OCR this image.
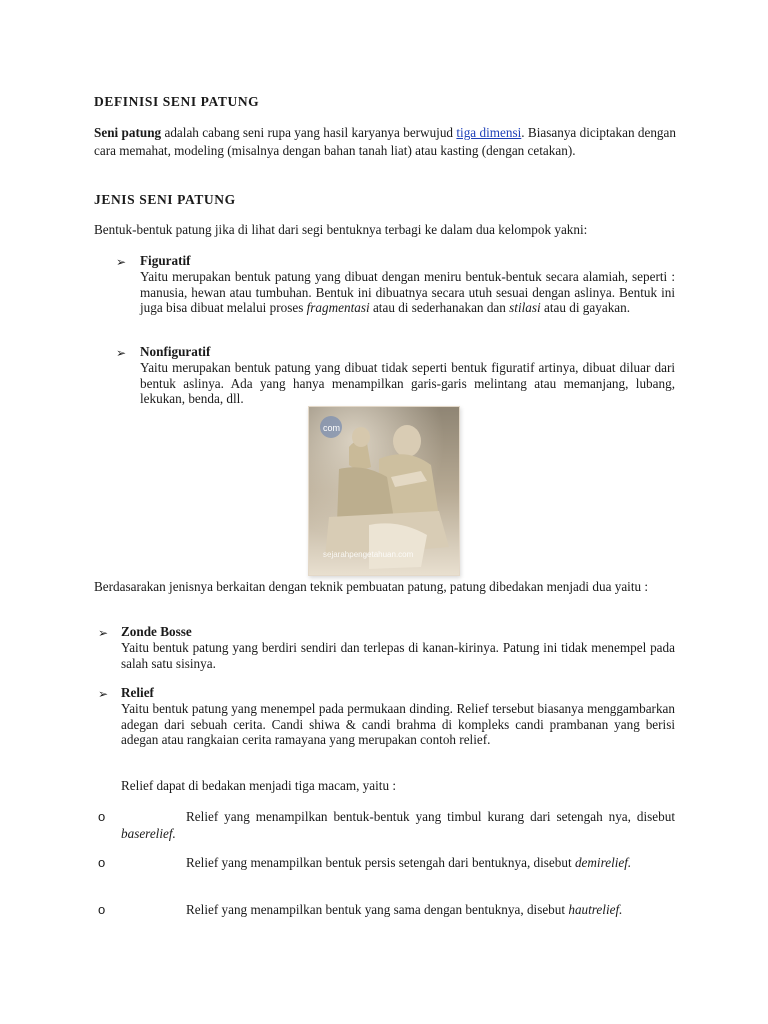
DEFINISI SENI PATUNG

Seni patung adalah cabang seni rupa yang hasil karyanya berwujud tiga dimensi. Biasanya diciptakan dengan cara memahat, modeling (misalnya dengan bahan tanah liat) atau kasting (dengan cetakan).

JENIS SENI PATUNG

Bentuk-bentuk patung jika di lihat dari segi bentuknya terbagi ke dalam dua kelompok yakni:

➢ Figuratif

Yaitu merupakan bentuk patung yang dibuat dengan meniru bentuk-bentuk secara alamiah, seperti : manusia, hewan atau tumbuhan. Bentuk ini dibuatnya secara utuh sesuai dengan aslinya. Bentuk ini juga bisa dibuat melalui proses fragmentasi atau di sederhanakan dan stilasi atau di gayakan.

➢ Nonfiguratif

Yaitu merupakan bentuk patung yang dibuat tidak seperti bentuk figuratif artinya, dibuat diluar dari bentuk aslinya. Ada yang hanya menampilkan garis-garis melintang atau memanjang, lubang, lekukan, benda, dll.

com
sejarahpengetahuan.com

Berdasarakan jenisnya berkaitan dengan teknik pembuatan patung, patung dibedakan menjadi dua yaitu :

➢ Zonde Bosse

Yaitu bentuk patung yang berdiri sendiri dan terlepas di kanan-kirinya. Patung ini tidak menempel pada salah satu sisinya.

➢ Relief

Yaitu bentuk patung yang menempel pada permukaan dinding. Relief tersebut biasanya menggambarkan adegan dari sebuah cerita. Candi shiwa & candi brahma di kompleks candi prambanan yang berisi adegan atau rangkaian cerita ramayana yang merupakan contoh relief.

Relief dapat di bedakan menjadi tiga macam, yaitu :

o	Relief yang menampilkan bentuk-bentuk yang timbul kurang dari setengah nya, disebut baserelief.

o	Relief yang menampilkan bentuk persis setengah dari bentuknya, disebut demirelief.

o	Relief yang menampilkan bentuk yang sama dengan bentuknya, disebut hautrelief.
